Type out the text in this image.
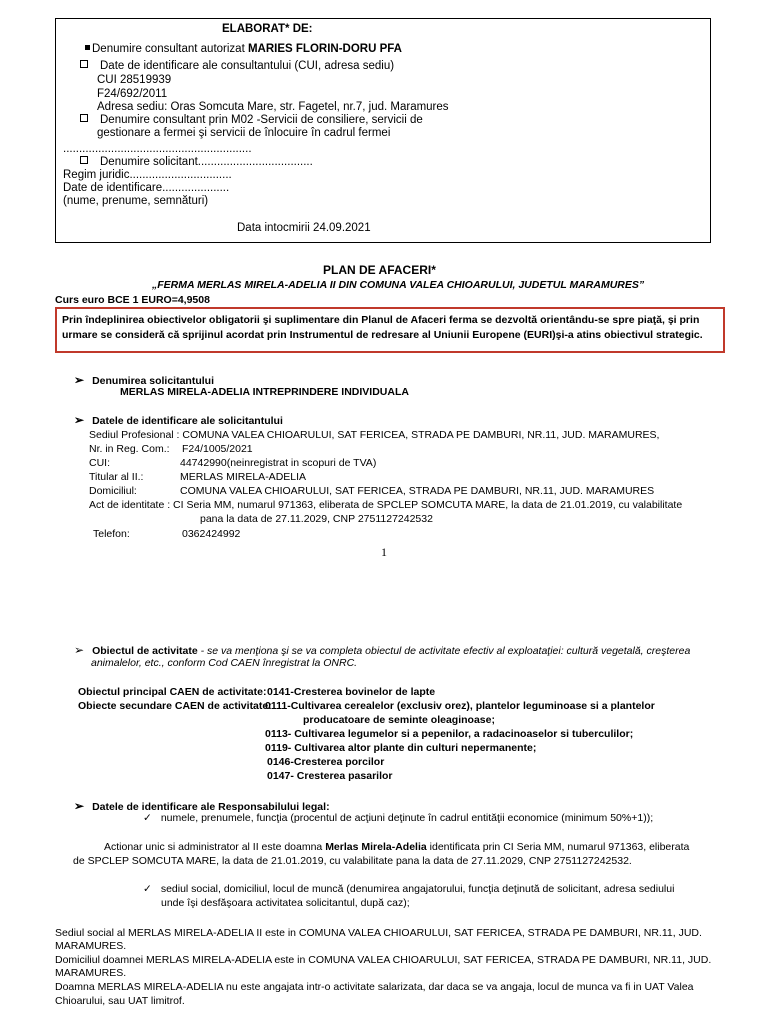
ELABORAT* DE:
Denumire consultant autorizat MARIES FLORIN-DORU PFA
Date de identificare ale consultantului (CUI, adresa sediu)
CUI 28519939
F24/692/2011
Adresa sediu: Oras Somcuta Mare, str. Fagetel, nr.7, jud. Maramures
Denumire consultant prin M02 -Servicii de consiliere, servicii de
gestionare a fermei şi servicii de înlocuire în cadrul fermei
...........................................................
Denumire solicitant....................................
Regim juridic................................
Date de identificare.....................
(nume, prenume, semnături)
Data intocmirii 24.09.2021
PLAN DE AFACERI*
„FERMA MERLAS MIRELA-ADELIA II DIN COMUNA VALEA CHIOARULUI, JUDETUL MARAMURES”
Curs euro BCE 1 EURO=4,9508
Prin îndeplinirea obiectivelor obligatorii şi suplimentare din Planul de Afaceri ferma se dezvoltă orientându-se spre piaţă, şi prin
urmare se consideră că sprijinul acordat prin Instrumentul de redresare al Uniunii Europene (EURI)şi-a atins obiectivul strategic.
➢ Denumirea solicitantului
MERLAS MIRELA-ADELIA INTREPRINDERE INDIVIDUALA
➢ Datele de identificare ale solicitantului
Sediul Profesional : COMUNA VALEA CHIOARULUI, SAT FERICEA, STRADA PE DAMBURI, NR.11, JUD. MARAMURES,
Nr. in Reg. Com.: F24/1005/2021
CUI:	44742990(neinregistrat in scopuri de TVA)
Titular al II.:	MERLAS MIRELA-ADELIA
Domiciliul:	COMUNA VALEA CHIOARULUI, SAT FERICEA, STRADA PE DAMBURI, NR.11, JUD. MARAMURES
Act de identitate : CI Seria MM, numarul 971363, eliberata de SPCLEP SOMCUTA MARE, la data de 21.01.2019, cu valabilitate
pana la data de 27.11.2029, CNP 2751127242532
Telefon:	0362424992
1
➢ Obiectul de activitate - se va menţiona şi se va completa obiectul de activitate efectiv al exploataţiei: cultură vegetală, creşterea
animalelor, etc., conform Cod CAEN înregistrat la ONRC.
Obiectul principal CAEN de activitate: 0141-Cresterea bovinelor de lapte
Obiecte secundare CAEN de activitate:
0111-Cultivarea cerealelor (exclusiv orez), plantelor leguminoase si a plantelor
producatoare de seminte oleaginoase;
0113- Cultivarea legumelor si a pepenilor, a radacinoaselor si tuberculilor;
0119- Cultivarea altor plante din culturi nepermanente;
0146-Cresterea porcilor
0147- Cresterea pasarilor
➢ Datele de identificare ale Responsabilului legal:
✓ numele, prenumele, funcţia (procentul de acţiuni deţinute în cadrul entităţii economice (minimum 50%+1));
Actionar unic si administrator al II este doamna Merlas Mirela-Adelia identificata prin CI Seria MM, numarul 971363, eliberata
de SPCLEP SOMCUTA MARE, la data de 21.01.2019, cu valabilitate pana la data de 27.11.2029, CNP 2751127242532.
✓ sediul social, domiciliul, locul de muncă (denumirea angajatorului, funcţia deţinută de solicitant, adresa sediului
unde îşi desfăşoara activitatea solicitantul, după caz);
Sediul social al MERLAS MIRELA-ADELIA II este in COMUNA VALEA CHIOARULUI, SAT FERICEA, STRADA PE DAMBURI, NR.11, JUD.
MARAMURES.
Domiciliul doamnei MERLAS MIRELA-ADELIA este in COMUNA VALEA CHIOARULUI, SAT FERICEA, STRADA PE DAMBURI, NR.11, JUD.
MARAMURES.
Doamna MERLAS MIRELA-ADELIA nu este angajata intr-o activitate salarizata, dar daca se va angaja, locul de munca va fi in UAT Valea
Chioarului, sau UAT limitrof.
